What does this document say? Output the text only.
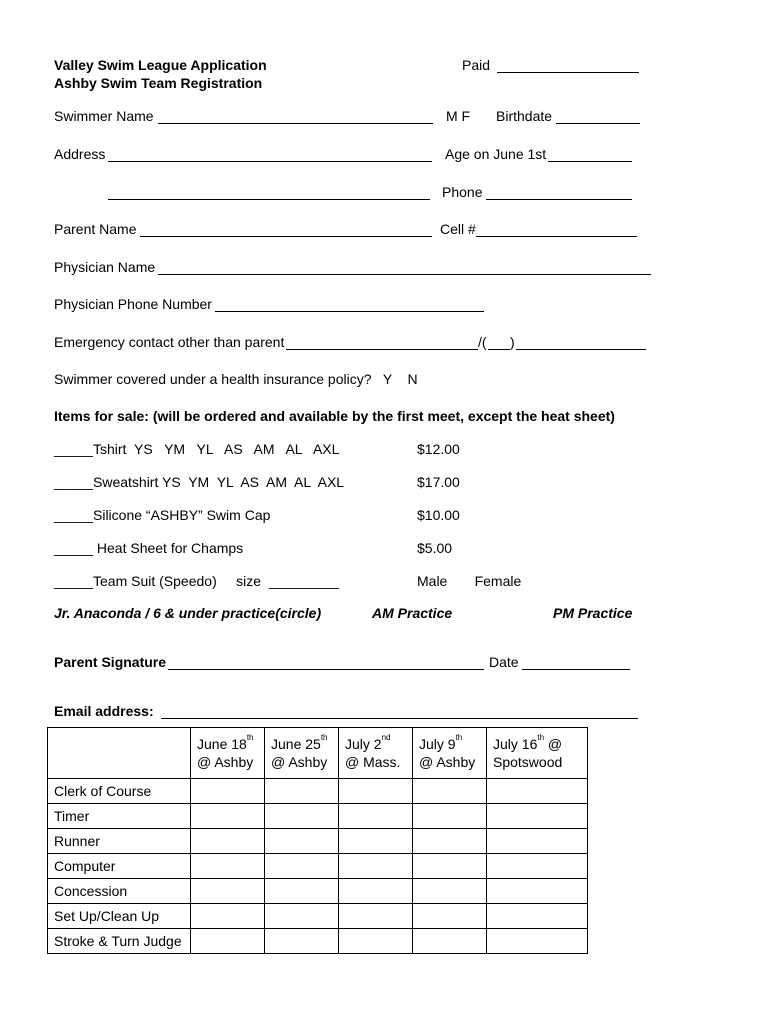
Valley Swim League Application
Ashby Swim Team Registration
Paid
Swimmer Name	M F Birthdate
Address	Age on June 1st
Phone
Parent Name	Cell #
Physician Name
Physician Phone Number
Emergency contact other than parent	/( )
Swimmer covered under a health insurance policy?   Y    N
Items for sale: (will be ordered and available by the first meet, except the heat sheet)
_____ Tshirt  YS   YM   YL   AS   AM   AL   AXL	$12.00
_____ Sweatshirt YS  YM  YL  AS  AM  AL  AXL	$17.00
_____ Silicone “ASHBY” Swim Cap	$10.00
_____ Heat Sheet for Champs	$5.00
_____ Team Suit (Speedo)     size  _________	Male       Female
Jr. Anaconda / 6 & under practice(circle)	AM Practice	PM Practice
Parent Signature	Date
Email address:
	June 18th	June 25th	July 2nd	July 9th	July 16th @
	@ Ashby	@ Ashby	@ Mass.	@ Ashby	Spotswood
Clerk of Course					
Timer					
Runner					
Computer					
Concession					
Set Up/Clean Up					
Stroke & Turn Judge					
